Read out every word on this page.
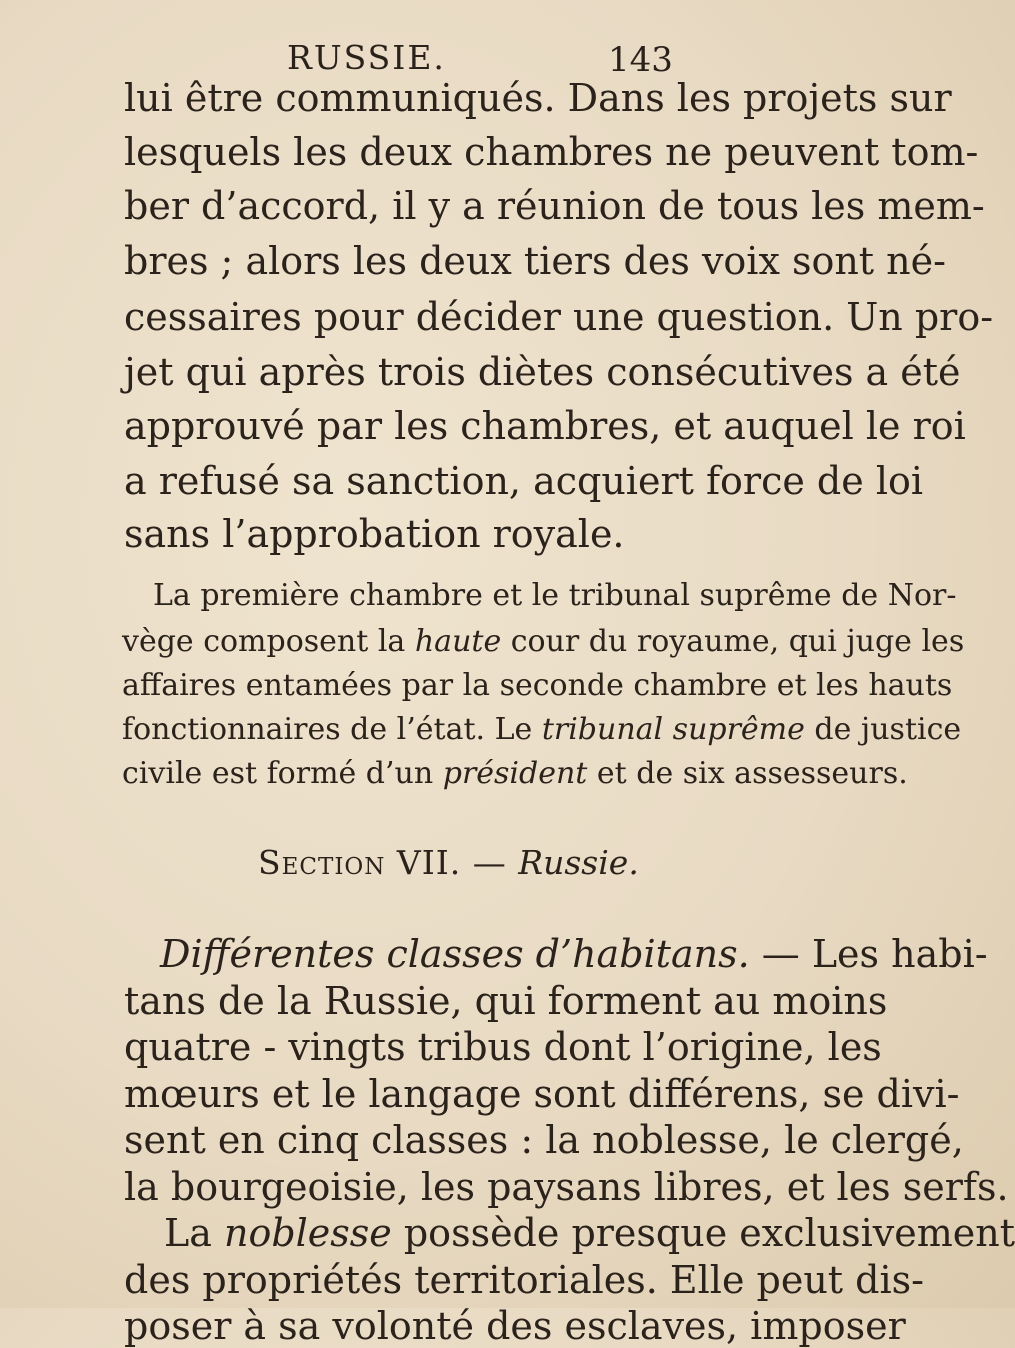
RUSSIE.	143
lui être communiqués. Dans les projets sur
lesquels les deux chambres ne peuvent tom-
ber d’accord, il y a réunion de tous les mem-
bres ; alors les deux tiers des voix sont né-
cessaires pour décider une question. Un pro-
jet qui après trois diètes consécutives a été
approuvé par les chambres, et auquel le roi
a refusé sa sanction, acquiert force de loi
sans l’approbation royale.
La première chambre et le tribunal suprême de Nor-
vège composent la haute cour du royaume, qui juge les
affaires entamées par la seconde chambre et les hauts
fonctionnaires de l’état. Le tribunal suprême de justice
civile est formé d’un président et de six assesseurs.
Section VII. — Russie.
Différentes classes d’habitans. — Les habi-
tans de la Russie, qui forment au moins
quatre - vingts tribus dont l’origine, les
mœurs et le langage sont différens, se divi-
sent en cinq classes : la noblesse, le clergé,
la bourgeoisie, les paysans libres, et les serfs.
La noblesse possède presque exclusivement
des propriétés territoriales. Elle peut dis-
poser à sa volonté des esclaves, imposer
